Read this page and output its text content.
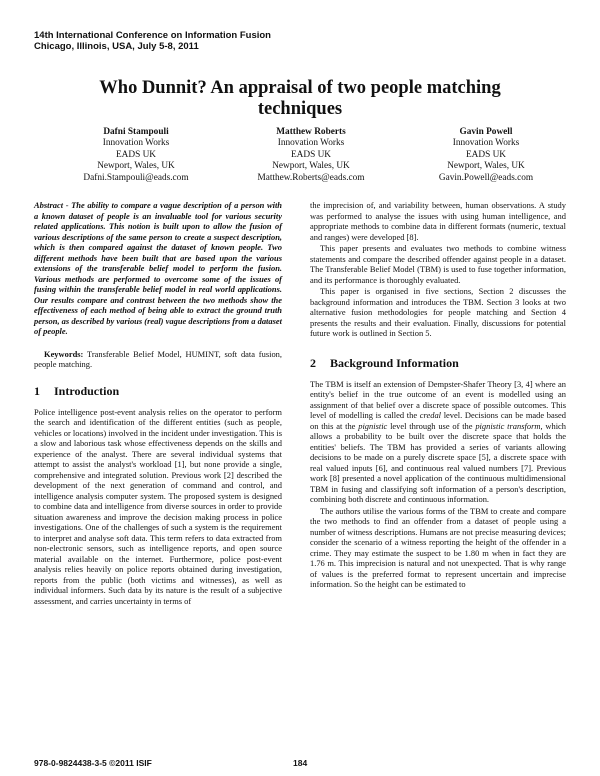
14th International Conference on Information Fusion
Chicago, Illinois, USA, July 5-8, 2011
Who Dunnit? An appraisal of two people matching techniques
Dafni Stampouli
Innovation Works
EADS UK
Newport, Wales, UK
Dafni.Stampouli@eads.com
Matthew Roberts
Innovation Works
EADS UK
Newport, Wales, UK
Matthew.Roberts@eads.com
Gavin Powell
Innovation Works
EADS UK
Newport, Wales, UK
Gavin.Powell@eads.com

Abstract - The ability to compare a vague description of a person with a known dataset of people is an invaluable tool for various security related applications. This notion is built upon to allow the fusion of various descriptions of the same person to create a suspect description, which is then compared against the dataset of known people. Two different methods have been built that are based upon the various extensions of the transferable belief model to perform the fusion. Various methods are performed to overcome some of the issues of fusing within the transferable belief model in real world applications. Our results compare and contrast between the two methods show the effectiveness of each method of being able to extract the ground truth person, as described by various (real) vague descriptions from a dataset of people.

Keywords: Transferable Belief Model, HUMINT, soft data fusion, people matching.

1 Introduction

Police intelligence post-event analysis relies on the operator to perform the search and identification of the different entities (such as people, vehicles or locations) involved in the incident under investigation. This is a slow and laborious task whose effectiveness depends on the skills and experience of the analyst. There are several individual systems that attempt to assist the analyst's workload [1], but none provide a single, comprehensive and integrated solution. Previous work [2] described the development of the next generation of command and control, and intelligence analysis computer system. The proposed system is designed to combine data and intelligence from diverse sources in order to provide situation awareness and improve the decision making process in police investigations. One of the challenges of such a system is the requirement to interpret and analyse soft data. This term refers to data extracted from non-electronic sensors, such as intelligence reports, and open source material available on the internet. Furthermore, police post-event analysis relies heavily on police reports obtained during investigation, reports from the public (both victims and witnesses), as well as individual informers. Such data by its nature is the result of a subjective assessment, and carries uncertainty in terms of

the imprecision of, and variability between, human observations. A study was performed to analyse the issues with using human intelligence, and appropriate methods to combine data in different formats (numeric, textual and ranges) were developed [8].

This paper presents and evaluates two methods to combine witness statements and compare the described offender against people in a dataset. The Transferable Belief Model (TBM) is used to fuse together information, and its performance is thoroughly evaluated.

This paper is organised in five sections, Section 2 discusses the background information and introduces the TBM. Section 3 looks at two alternative fusion methodologies for people matching and Section 4 presents the results and their evaluation. Finally, discussions for potential future work is outlined in Section 5.

2 Background Information

The TBM is itself an extension of Dempster-Shafer Theory [3, 4] where an entity's belief in the true outcome of an event is modelled using an assignment of that belief over a discrete space of possible outcomes. This level of modelling is called the credal level. Decisions can be made based on this at the pignistic level through use of the pignistic transform, which allows a probability to be built over the discrete space that holds the entities' beliefs. The TBM has provided a series of variants allowing decisions to be made on a purely discrete space [5], a discrete space with real valued inputs [6], and continuous real valued numbers [7]. Previous work [8] presented a novel application of the continuous multidimensional TBM in fusing and classifying soft information of a person's description, combining both discrete and continuous information.

The authors utilise the various forms of the TBM to create and compare the two methods to find an offender from a dataset of people using a number of witness descriptions. Humans are not precise measuring devices; consider the scenario of a witness reporting the height of the offender in a crime. They may estimate the suspect to be 1.80 m when in fact they are 1.76 m. This imprecision is natural and not unexpected. That is why range of values is the preferred format to represent uncertain and imprecise information. So the height can be estimated to

978-0-9824438-3-5 ©2011 ISIF	184
